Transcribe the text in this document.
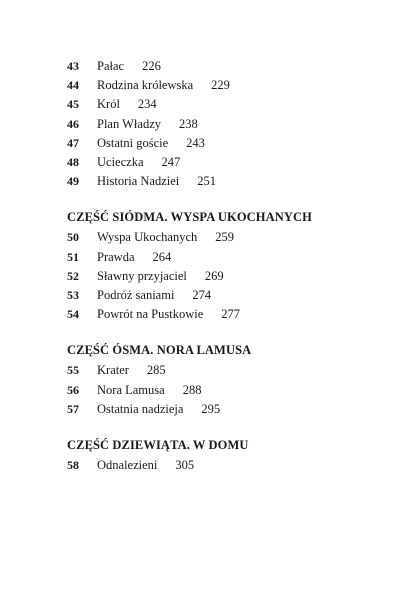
43	Pałac 226
44	Rodzina królewska 229
45	Król 234
46	Plan Władzy 238
47	Ostatni goście 243
48	Ucieczka 247
49	Historia Nadziei 251
CZĘŚĆ SIÓDMA. WYSPA UKOCHANYCH
50	Wyspa Ukochanych 259
51	Prawda 264
52	Sławny przyjaciel 269
53	Podróż saniami 274
54	Powrót na Pustkowie 277
CZĘŚĆ ÓSMA. NORA LAMUSA
55	Krater 285
56	Nora Lamusa 288
57	Ostatnia nadzieja 295
CZĘŚĆ DZIEWIĄTA. W DOMU
58	Odnalezieni 305
